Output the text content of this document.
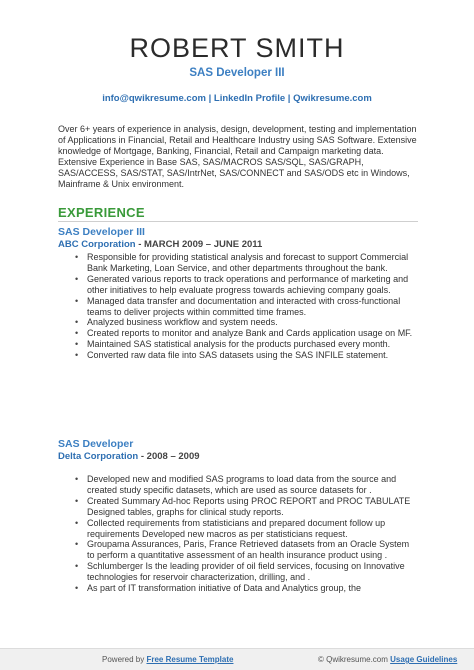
ROBERT SMITH
SAS Developer III
info@qwikresume.com | LinkedIn Profile | Qwikresume.com
Over 6+ years of experience in analysis, design, development, testing and implementation of Applications in Financial, Retail and Healthcare Industry using SAS Software. Extensive knowledge of Mortgage, Banking, Financial, Retail and Campaign marketing data. Extensive Experience in Base SAS, SAS/MACROS SAS/SQL, SAS/GRAPH, SAS/ACCESS, SAS/STAT, SAS/IntrNet, SAS/CONNECT and SAS/ODS etc in Windows, Mainframe & Unix environment.
EXPERIENCE
SAS Developer III
ABC Corporation - MARCH 2009 – JUNE 2011
• Responsible for providing statistical analysis and forecast to support Commercial Bank Marketing, Loan Service, and other departments throughout the bank.
• Generated various reports to track operations and performance of marketing and other initiatives to help evaluate progress towards achieving company goals.
• Managed data transfer and documentation and interacted with cross-functional teams to deliver projects within committed time frames.
• Analyzed business workflow and system needs.
• Created reports to monitor and analyze Bank and Cards application usage on MF.
• Maintained SAS statistical analysis for the products purchased every month.
• Converted raw data file into SAS datasets using the SAS INFILE statement.
SAS Developer
Delta Corporation - 2008 – 2009
• Developed new and modified SAS programs to load data from the source and created study specific datasets, which are used as source datasets for .
• Created Summary Ad-hoc Reports using PROC REPORT and PROC TABULATE Designed tables, graphs for clinical study reports.
• Collected requirements from statisticians and prepared document follow up requirements Developed new macros as per statisticians request.
• Groupama Assurances, Paris, France Retrieved datasets from an Oracle System to perform a quantitative assessment of an health insurance product using .
• Schlumberger Is the leading provider of oil field services, focusing on Innovative technologies for reservoir characterization, drilling, and .
• As part of IT transformation initiative of Data and Analytics group, the
Powered by Free Resume Template	© Qwikresume.com Usage Guidelines
